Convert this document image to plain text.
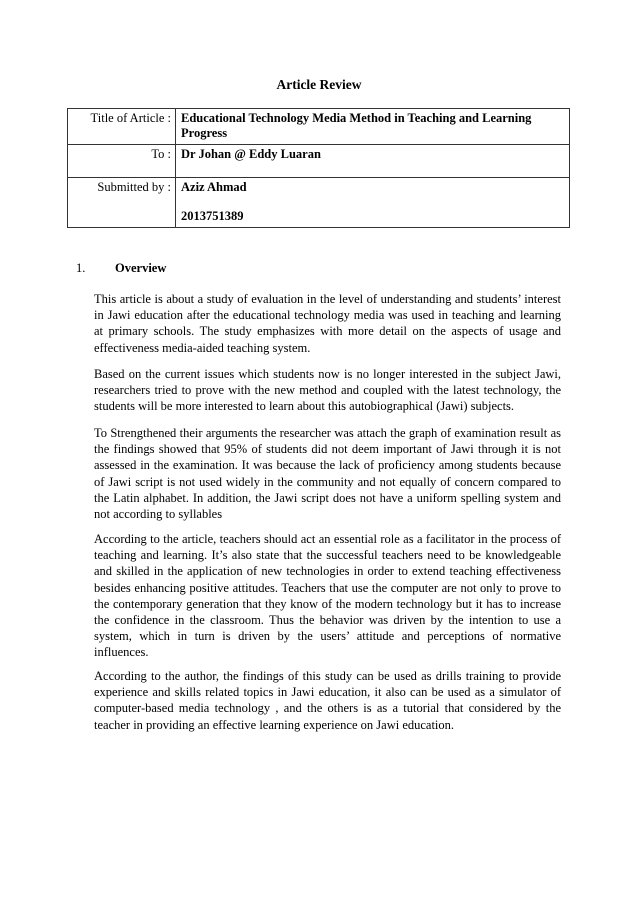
Article Review
Title of Article :	Educational Technology Media Method in Teaching and Learning Progress
To :	Dr Johan @ Eddy Luaran
Submitted by :	Aziz Ahmad
2013751389
1. Overview
This article is about a study of evaluation in the level of understanding and students’ interest in Jawi education after the educational technology media was used in teaching and learning at primary schools. The study emphasizes with more detail on the aspects of usage and effectiveness media-aided teaching system.
Based on the current issues which students now is no longer interested in the subject Jawi, researchers tried to prove with the new method and coupled with the latest technology, the students will be more interested to learn about this autobiographical (Jawi) subjects.
To Strengthened their arguments the researcher was attach the graph of examination result as the findings showed that 95% of students did not deem important of Jawi through it is not assessed in the examination. It was because the lack of proficiency among students because of Jawi script is not used widely in the community and not equally of concern compared to the Latin alphabet. In addition, the Jawi script does not have a uniform spelling system and not according to syllables
According to the article, teachers should act an essential role as a facilitator in the process of teaching and learning. It’s also state that the successful teachers need to be knowledgeable and skilled in the application of new technologies in order to extend teaching effectiveness besides enhancing positive attitudes. Teachers that use the computer are not only to prove to the contemporary generation that they know of the modern technology but it has to increase the confidence in the classroom. Thus the behavior was driven by the intention to use a system, which in turn is driven by the users’ attitude and perceptions of normative influences.
According to the author, the findings of this study can be used as drills training to provide experience and skills related topics in Jawi education, it also can be used as a simulator of computer-based media technology , and the others is as a tutorial that considered by the teacher in providing an effective learning experience on Jawi education.
